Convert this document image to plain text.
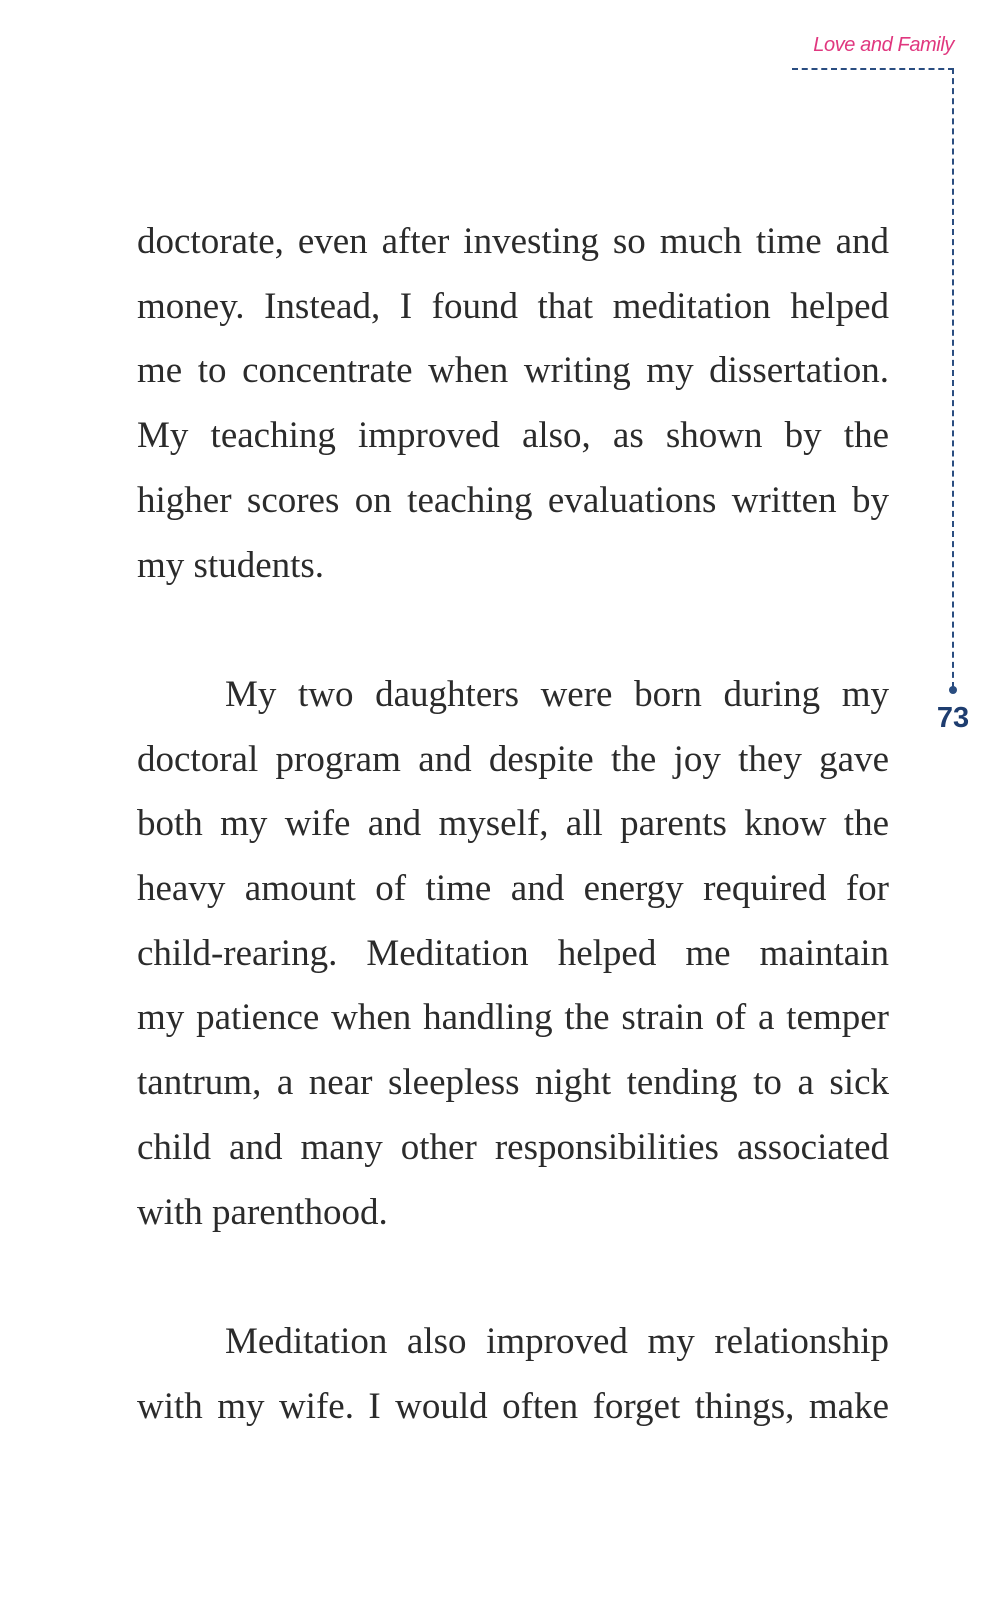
Love and Family
73

doctorate, even after investing so much time and
money. Instead, I found that meditation helped
me to concentrate when writing my dissertation.
My teaching improved also, as shown by the
higher scores on teaching evaluations written by
my students.

My two daughters were born during my
doctoral program and despite the joy they gave
both my wife and myself, all parents know the
heavy amount of time and energy required for
child-rearing. Meditation helped me maintain
my patience when handling the strain of a temper
tantrum, a near sleepless night tending to a sick
child and many other responsibilities associated
with parenthood.

Meditation also improved my relationship
with my wife. I would often forget things, make
